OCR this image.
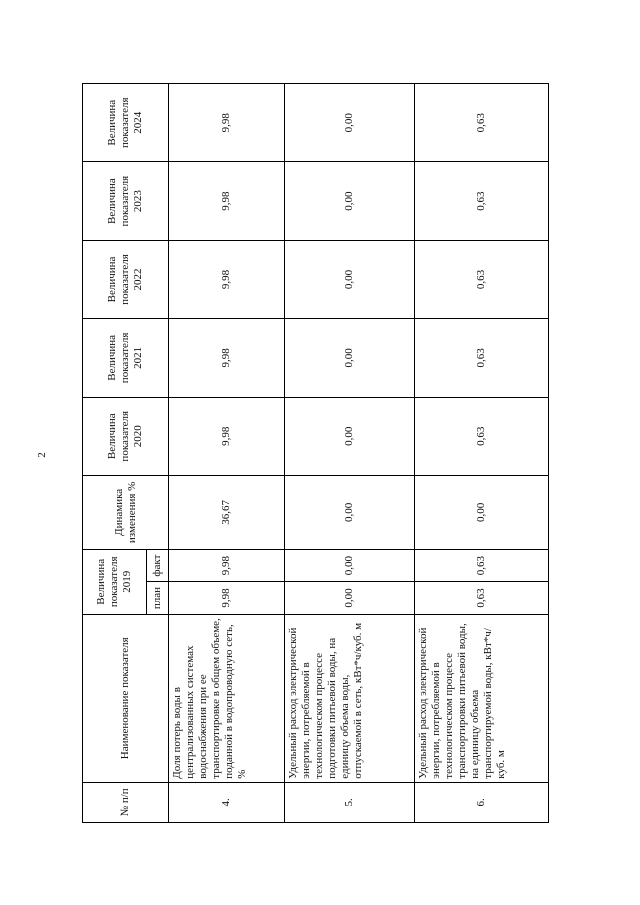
2
№ п/п	Наименование показателя	Величина показателя 2019		Динамика изменения %	Величина показателя 2020	Величина показателя 2021	Величина показателя 2022	Величина показателя 2023	Величина показателя 2024
		план	факт						
4.	Доля потерь воды в централизованных системах водоснабжения при ее транспортировке в общем объеме, поданной в водопроводную сеть, %	9,98	9,98	36,67	9,98	9,98	9,98	9,98	9,98
5.	Удельный расход электрической энергии, потребляемой в технологическом процессе подготовки питьевой воды, на единицу объема воды, отпускаемой в сеть, кВт*ч/куб. м	0,00	0,00	0,00	0,00	0,00	0,00	0,00	0,00
6.	Удельный расход электрической энергии, потребляемой в технологическом процессе транспортировки питьевой воды, на единицу объема транспортируемой воды, кВт*ч/куб. м	0,63	0,63	0,00	0,63	0,63	0,63	0,63	0,63
